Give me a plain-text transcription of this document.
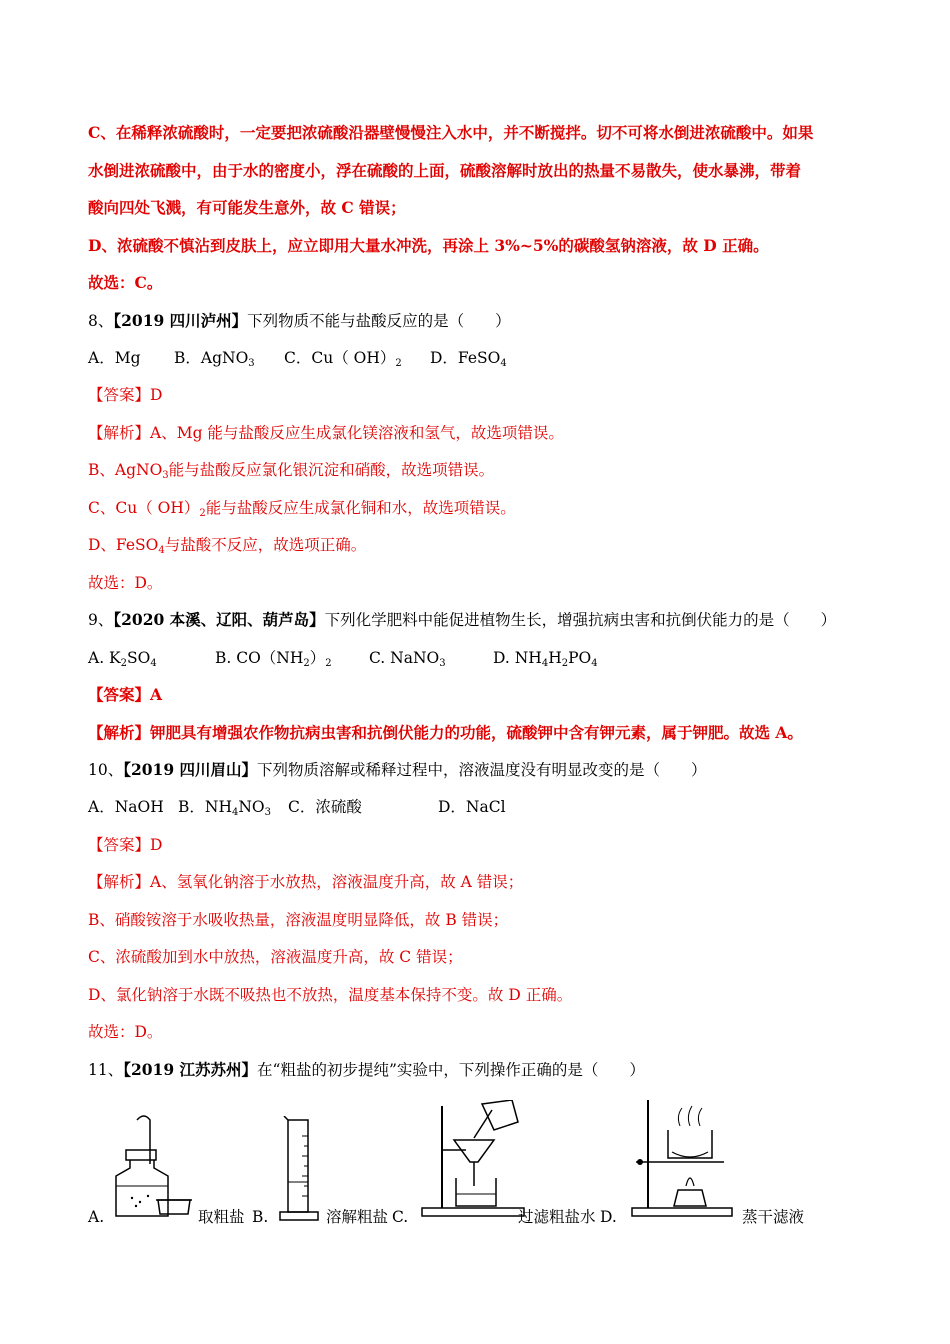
C、在稀释浓硫酸时，一定要把浓硫酸沿器壁慢慢注入水中，并不断搅拌。切不可将水倒进浓硫酸中。如果
水倒进浓硫酸中，由于水的密度小，浮在硫酸的上面，硫酸溶解时放出的热量不易散失，使水暴沸，带着
酸向四处飞溅，有可能发生意外，故 C 错误；
D、浓硫酸不慎沾到皮肤上，应立即用大量水冲洗，再涂上 3%~5%的碳酸氢钠溶液，故 D 正确。
故选：C。
8、【2019 四川泸州】下列物质不能与盐酸反应的是（　　）
A．Mg B．AgNO$_3$ C．Cu（ $OH)_2$ D．FeSO$_4$
【答案】D
【解析】A、Mg 能与盐酸反应生成氯化镁溶液和氢气，故选项错误。
B、AgNO$_3$能与盐酸反应氯化银沉淀和硝酸，故选项错误。
C、Cu（ $OH)_2$能与盐酸反应生成氯化铜和水，故选项错误。
D、FeSO$_4$与盐酸不反应，故选项正确。
故选：D。
9、【2020 本溪、辽阳、葫芦岛】下列化学肥料中能促进植物生长，增强抗病虫害和抗倒伏能力的是（　　）
A. $K_2SO_4$	B. $CO(NH_2)_2$ C. NaNO$_3$	D. $NH_4H_2PO_4$
【答案】A
【解析】钾肥具有增强农作物抗病虫害和抗倒伏能力的功能，硫酸钾中含有钾元素，属于钾肥。故选 A。
10、【2019 四川眉山】下列物质溶解或稀释过程中，溶液温度没有明显改变的是（　　）
A．NaOH B．$NH_4NO_3$ C．浓硫酸	D．NaCl
【答案】D
【解析】A、氢氧化钠溶于水放热，溶液温度升高，故 A 错误；
B、硝酸铵溶于水吸收热量，溶液温度明显降低，故 B 错误；
C、浓硫酸加到水中放热，溶液温度升高，故 C 错误；
D、氯化钠溶于水既不吸热也不放热，温度基本保持不变。故 D 正确。
故选：D。
11、【2019 江苏苏州】在“粗盐的初步提纯”实验中，下列操作正确的是（　　）
A.	取粗盐 B.	溶解粗盐 C.	过滤粗盐水 D.	蒸干滤液
